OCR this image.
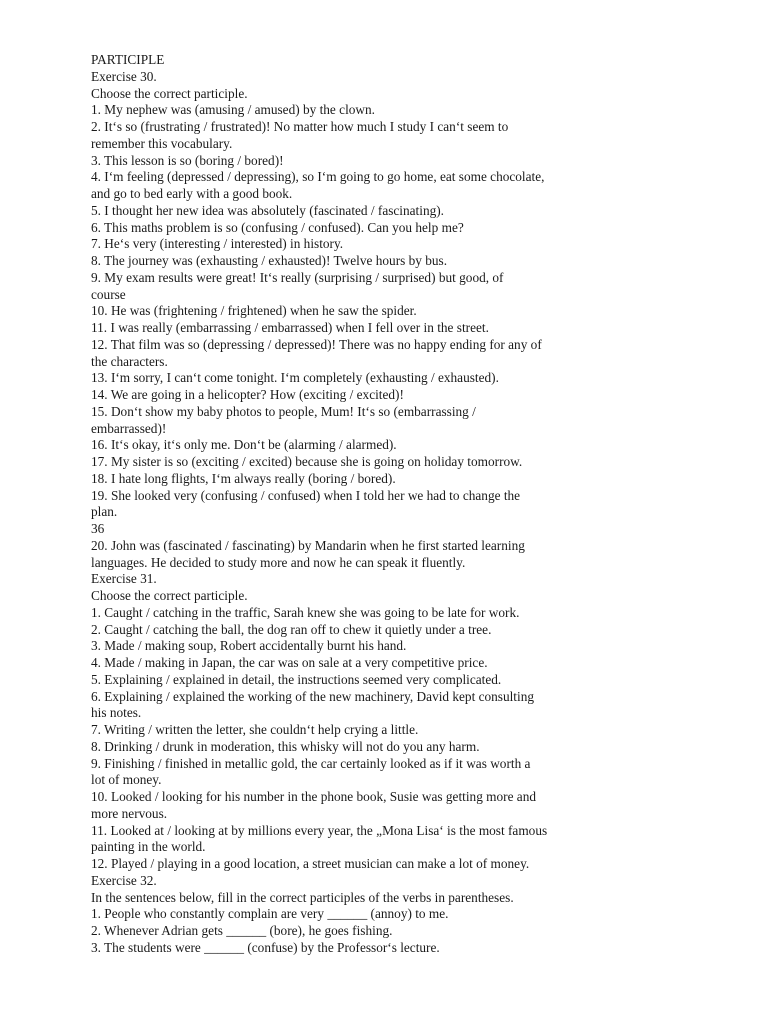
PARTICIPLE
Exercise 30.
Choose the correct participle.
1. My nephew was (amusing / amused) by the clown.
2. It‘s so (frustrating / frustrated)! No matter how much I study I can‘t seem to
remember this vocabulary.
3. This lesson is so (boring / bored)!
4. I‘m feeling (depressed / depressing), so I‘m going to go home, eat some chocolate,
and go to bed early with a good book.
5. I thought her new idea was absolutely (fascinated / fascinating).
6. This maths problem is so (confusing / confused). Can you help me?
7. He‘s very (interesting / interested) in history.
8. The journey was (exhausting / exhausted)! Twelve hours by bus.
9. My exam results were great! It‘s really (surprising / surprised) but good, of
course
10. He was (frightening / frightened) when he saw the spider.
11. I was really (embarrassing / embarrassed) when I fell over in the street.
12. That film was so (depressing / depressed)! There was no happy ending for any of
the characters.
13. I‘m sorry, I can‘t come tonight. I‘m completely (exhausting / exhausted).
14. We are going in a helicopter? How (exciting / excited)!
15. Don‘t show my baby photos to people, Mum! It‘s so (embarrassing /
embarrassed)!
16. It‘s okay, it‘s only me. Don‘t be (alarming / alarmed).
17. My sister is so (exciting / excited) because she is going on holiday tomorrow.
18. I hate long flights, I‘m always really (boring / bored).
19. She looked very (confusing / confused) when I told her we had to change the
plan.
36
20. John was (fascinated / fascinating) by Mandarin when he first started learning
languages. He decided to study more and now he can speak it fluently.
Exercise 31.
Choose the correct participle.
1. Caught / catching in the traffic, Sarah knew she was going to be late for work.
2. Caught / catching the ball, the dog ran off to chew it quietly under a tree.
3. Made / making soup, Robert accidentally burnt his hand.
4. Made / making in Japan, the car was on sale at a very competitive price.
5. Explaining / explained in detail, the instructions seemed very complicated.
6. Explaining / explained the working of the new machinery, David kept consulting
his notes.
7. Writing / written the letter, she couldn‘t help crying a little.
8. Drinking / drunk in moderation, this whisky will not do you any harm.
9. Finishing / finished in metallic gold, the car certainly looked as if it was worth a
lot of money.
10. Looked / looking for his number in the phone book, Susie was getting more and
more nervous.
11. Looked at / looking at by millions every year, the „Mona Lisa‘ is the most famous
painting in the world.
12. Played / playing in a good location, a street musician can make a lot of money.
Exercise 32.
In the sentences below, fill in the correct participles of the verbs in parentheses.
1. People who constantly complain are very ______ (annoy) to me.
2. Whenever Adrian gets ______ (bore), he goes fishing.
3. The students were ______ (confuse) by the Professor‘s lecture.
